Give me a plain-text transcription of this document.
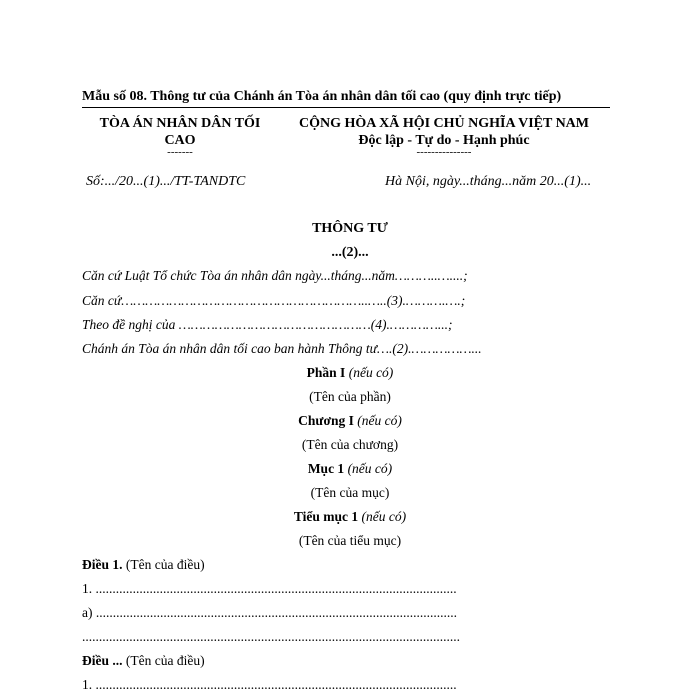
Mẫu số 08. Thông tư của Chánh án Tòa án nhân dân tối cao (quy định trực tiếp)
TÒA ÁN NHÂN DÂN TỐI
CAO
-------
Số:.../20...(1).../TT-TANDTC
CỘNG HÒA XÃ HỘI CHỦ NGHĨA VIỆT NAM
Độc lập - Tự do - Hạnh phúc
---------------
Hà Nội, ngày...tháng...năm 20...(1)...
THÔNG TƯ
...(2)...
Căn cứ Luật Tổ chức Tòa án nhân dân ngày...tháng...năm………..…....;
Căn cứ……………………………………………………..…..(3).……….….;
Theo đề nghị của …………………………………………(4).…………...;
Chánh án Tòa án nhân dân tối cao ban hành Thông tư….(2).……………...
Phần I (nếu có)
(Tên của phần)
Chương I (nếu có)
(Tên của chương)
Mục 1 (nếu có)
(Tên của mục)
Tiểu mục 1 (nếu có)
(Tên của tiểu mục)
Điều 1. (Tên của điều)
1. ...........................................................................................................
a) ...........................................................................................................
................................................................................................................
Điều ... (Tên của điều)
1. ...........................................................................................................
